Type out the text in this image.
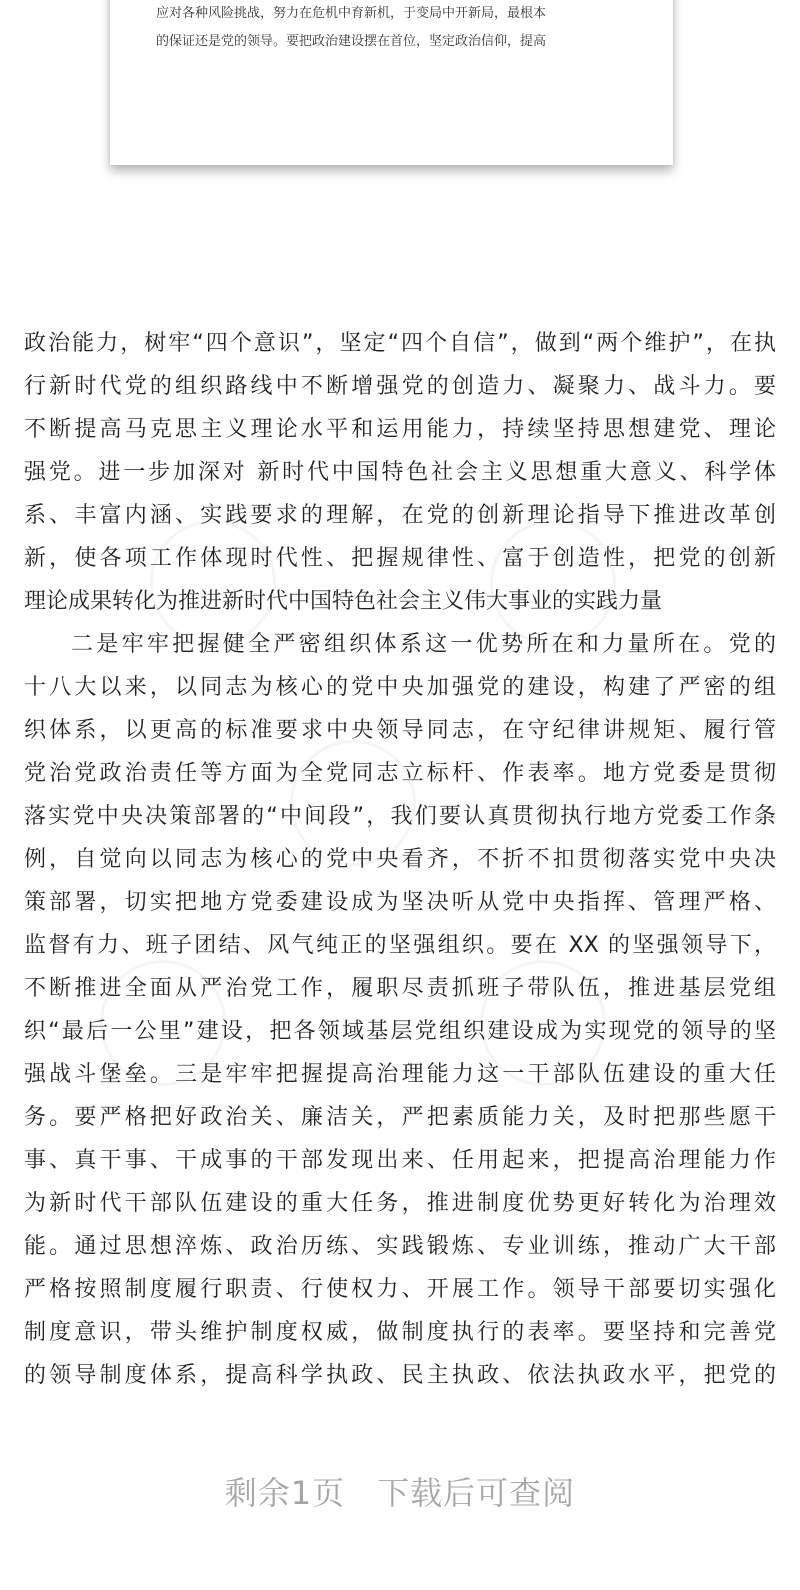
应对各种风险挑战，努力在危机中育新机，于变局中开新局，最根本
的保证还是党的领导。要把政治建设摆在首位，坚定政治信仰，提高
政治能力，树牢“四个意识”，坚定“四个自信”，做到“两个维护”，在执
行新时代党的组织路线中不断增强党的创造力、凝聚力、战斗力。要
不断提高马克思主义理论水平和运用能力，持续坚持思想建党、理论
强党。进一步加深对 新时代中国特色社会主义思想重大意义、科学体
系、丰富内涵、实践要求的理解，在党的创新理论指导下推进改革创
新，使各项工作体现时代性、把握规律性、富于创造性，把党的创新
理论成果转化为推进新时代中国特色社会主义伟大事业的实践力量
二是牢牢把握健全严密组织体系这一优势所在和力量所在。党的
十八大以来，以同志为核心的党中央加强党的建设，构建了严密的组
织体系，以更高的标准要求中央领导同志，在守纪律讲规矩、履行管
党治党政治责任等方面为全党同志立标杆、作表率。地方党委是贯彻
落实党中央决策部署的“中间段”，我们要认真贯彻执行地方党委工作条
例，自觉向以同志为核心的党中央看齐，不折不扣贯彻落实党中央决
策部署，切实把地方党委建设成为坚决听从党中央指挥、管理严格、
监督有力、班子团结、风气纯正的坚强组织。要在 XX 的坚强领导下，
不断推进全面从严治党工作，履职尽责抓班子带队伍，推进基层党组
织“最后一公里”建设，把各领域基层党组织建设成为实现党的领导的坚
强战斗堡垒。三是牢牢把握提高治理能力这一干部队伍建设的重大任
务。要严格把好政治关、廉洁关，严把素质能力关，及时把那些愿干
事、真干事、干成事的干部发现出来、任用起来，把提高治理能力作
为新时代干部队伍建设的重大任务，推进制度优势更好转化为治理效
能。通过思想淬炼、政治历练、实践锻炼、专业训练，推动广大干部
严格按照制度履行职责、行使权力、开展工作。领导干部要切实强化
制度意识，带头维护制度权威，做制度执行的表率。要坚持和完善党
的领导制度体系，提高科学执政、民主执政、依法执政水平，把党的
剩余1页 下载后可查阅
